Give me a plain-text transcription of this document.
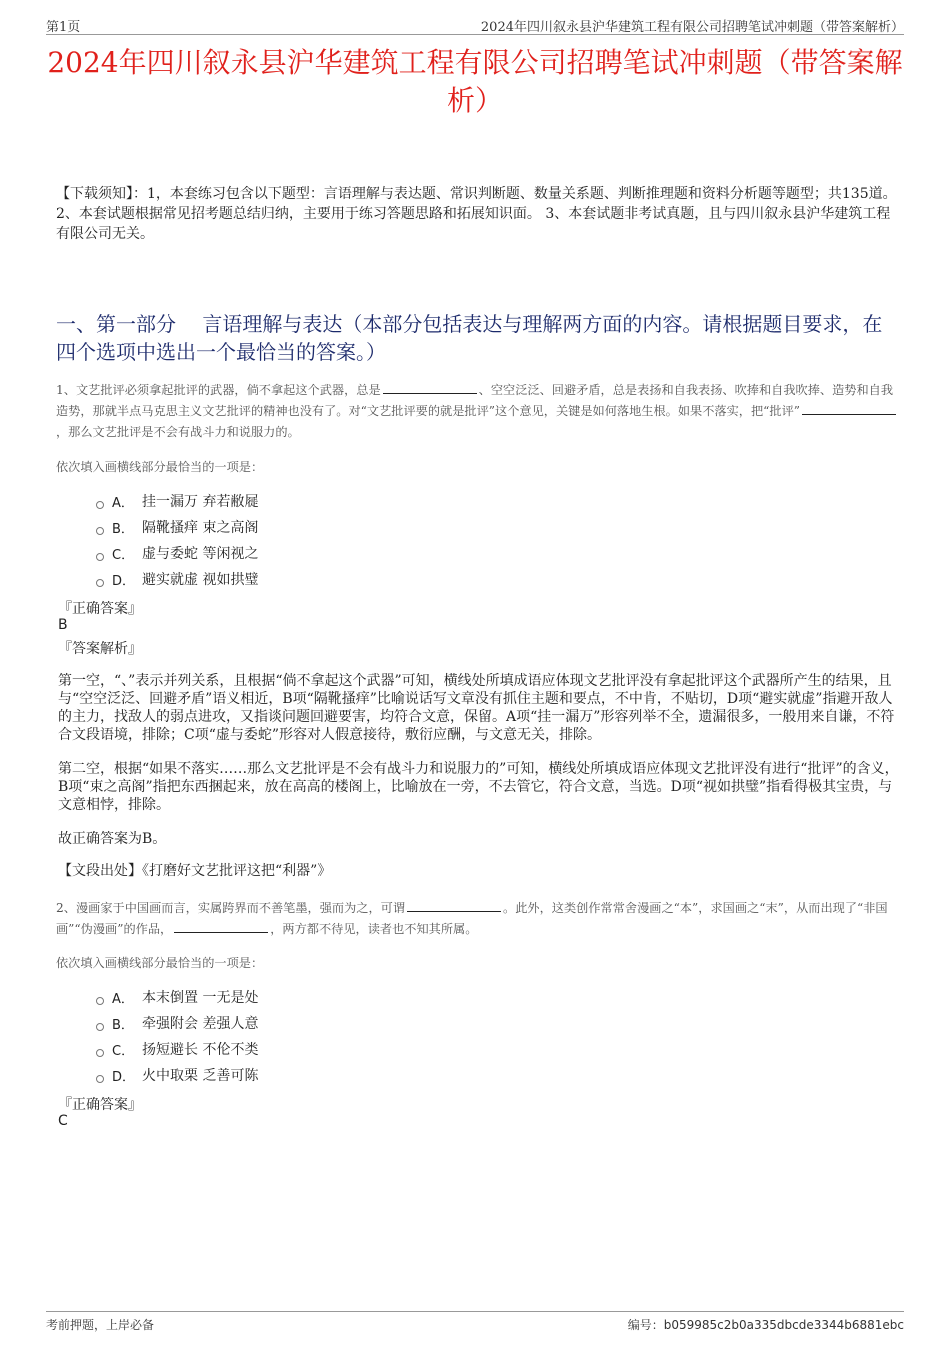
第1页	2024年四川叙永县沪华建筑工程有限公司招聘笔试冲刺题（带答案解析）
2024年四川叙永县沪华建筑工程有限公司招聘笔试冲刺题（带答案解析）
【下载须知】：1，本套练习包含以下题型：言语理解与表达题、常识判断题、数量关系题、判断推理题和资料分析题等题型；共135道。 2、本套试题根据常见招考题总结归纳，主要用于练习答题思路和拓展知识面。 3、本套试题非考试真题，且与四川叙永县沪华建筑工程有限公司无关。
一、第一部分　 言语理解与表达（本部分包括表达与理解两方面的内容。请根据题目要求，在四个选项中选出一个最恰当的答案。）
1、文艺批评必须拿起批评的武器，倘不拿起这个武器，总是	、空空泛泛、回避矛盾，总是表扬和自我表扬、吹捧和自我吹捧、造势和自我造势，那就半点马克思主义文艺批评的精神也没有了。对“文艺批评要的就是批评”这个意见，关键是如何落地生根。如果不落实，把“批评”，那么文艺批评是不会有战斗力和说服力的。
依次填入画横线部分最恰当的一项是：
A． 挂一漏万 弃若敝屣
B． 隔靴搔痒 束之高阁
C． 虚与委蛇 等闲视之
D． 避实就虚 视如拱璧
『正确答案』
B
『答案解析』
第一空，“、”表示并列关系，且根据“倘不拿起这个武器”可知，横线处所填成语应体现文艺批评没有拿起批评这个武器所产生的结果，且与“空空泛泛、回避矛盾”语义相近，B项“隔靴搔痒”比喻说话写文章没有抓住主题和要点，不中肯，不贴切，D项“避实就虚”指避开敌人的主力，找敌人的弱点进攻，又指谈问题回避要害，均符合文意，保留。A项“挂一漏万”形容列举不全，遗漏很多，一般用来自谦，不符合文段语境，排除；C项“虚与委蛇”形容对人假意接待，敷衍应酬，与文意无关，排除。
第二空，根据“如果不落实……那么文艺批评是不会有战斗力和说服力的”可知，横线处所填成语应体现文艺批评没有进行“批评”的含义，B项“束之高阁”指把东西捆起来，放在高高的楼阁上，比喻放在一旁，不去管它，符合文意，当选。D项“视如拱璧”指看得极其宝贵，与文意相悖，排除。
故正确答案为B。
【文段出处】《打磨好文艺批评这把“利器”》
2、漫画家于中国画而言，实属跨界而不善笔墨，强而为之，可谓	。此外，这类创作常常舍漫画之“本”，求国画之“末”，从而出现了“非国画”“伪漫画”的作品，	，两方都不待见，读者也不知其所属。
依次填入画横线部分最恰当的一项是：
A． 本末倒置 一无是处
B． 牵强附会 差强人意
C． 扬短避长 不伦不类
D． 火中取栗 乏善可陈
『正确答案』
C
考前押题，上岸必备	编号：b059985c2b0a335dbcde3344b6881ebc
